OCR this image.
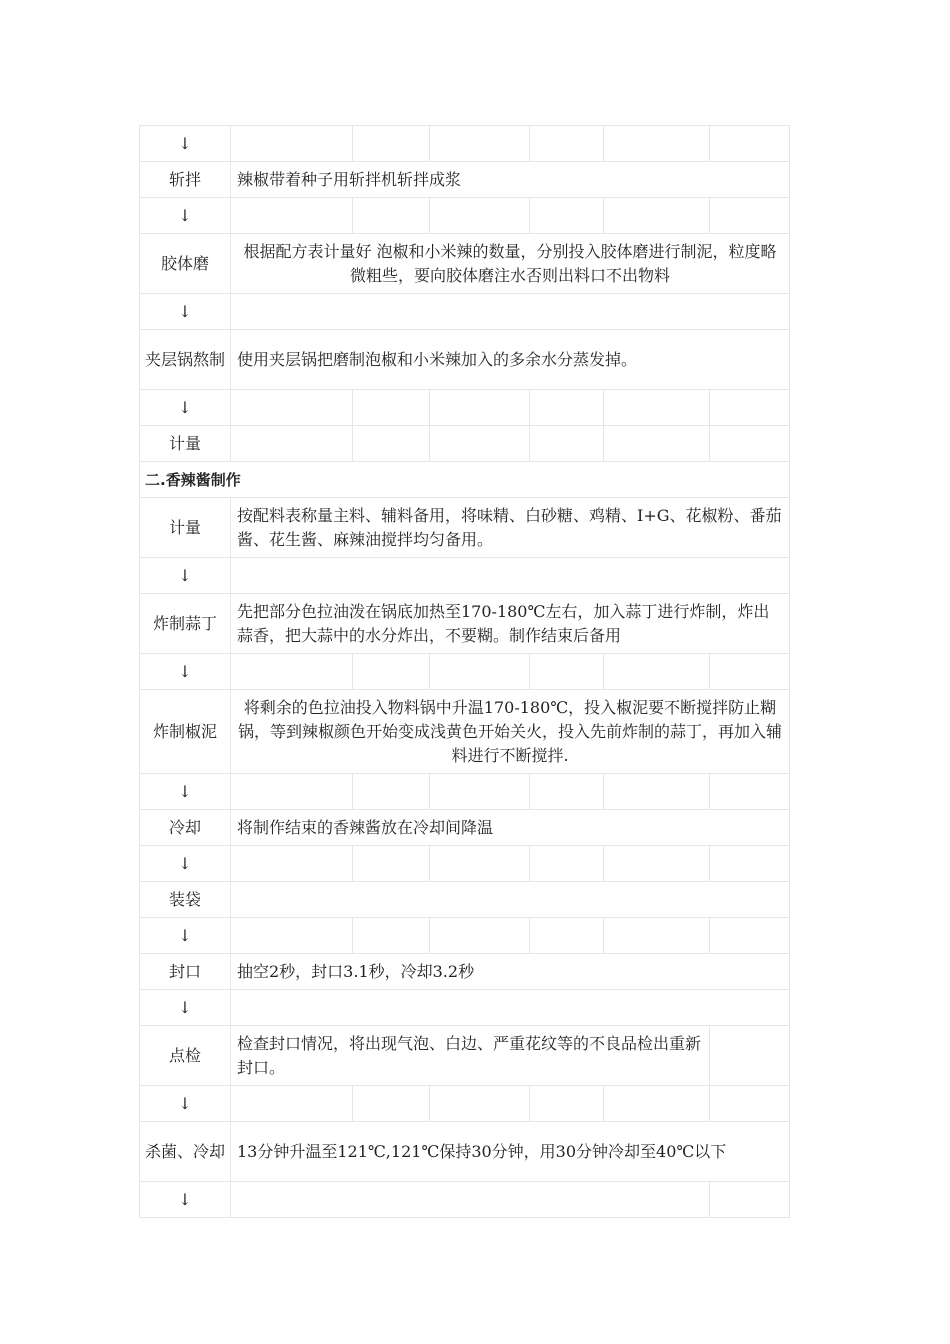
↓						
斩拌	辣椒带着种子用斩拌机斩拌成浆					
↓						
胶体磨	根据配方表计量好 泡椒和小米辣的数量，分别投入胶体磨进行制泥，粒度略微粗些，要向胶体磨注水否则出料口不出物料					
↓						
夹层锅熬制	使用夹层锅把磨制泡椒和小米辣加入的多余水分蒸发掉。					
↓						
计量						
二.香辣酱制作						
计量	按配料表称量主料、辅料备用，将味精、白砂糖、鸡精、I+G、花椒粉、番茄酱、花生酱、麻辣油搅拌均匀备用。					
↓						
炸制蒜丁	先把部分色拉油泼在锅底加热至170-180℃左右，加入蒜丁进行炸制，炸出蒜香，把大蒜中的水分炸出，不要糊。制作结束后备用					
↓						
炸制椒泥	将剩余的色拉油投入物料锅中升温170-180℃，投入椒泥要不断搅拌防止糊锅，等到辣椒颜色开始变成浅黄色开始关火，投入先前炸制的蒜丁，再加入辅料进行不断搅拌.					
↓						
冷却	将制作结束的香辣酱放在冷却间降温					
↓						
装袋						
↓						
封口	抽空2秒，封口3.1秒，冷却3.2秒					
↓						
点检	检查封口情况，将出现气泡、白边、严重花纹等的不良品检出重新封口。					
↓						
杀菌、冷却	13分钟升温至121℃,121℃保持30分钟，用30分钟冷却至40℃以下					
↓						
